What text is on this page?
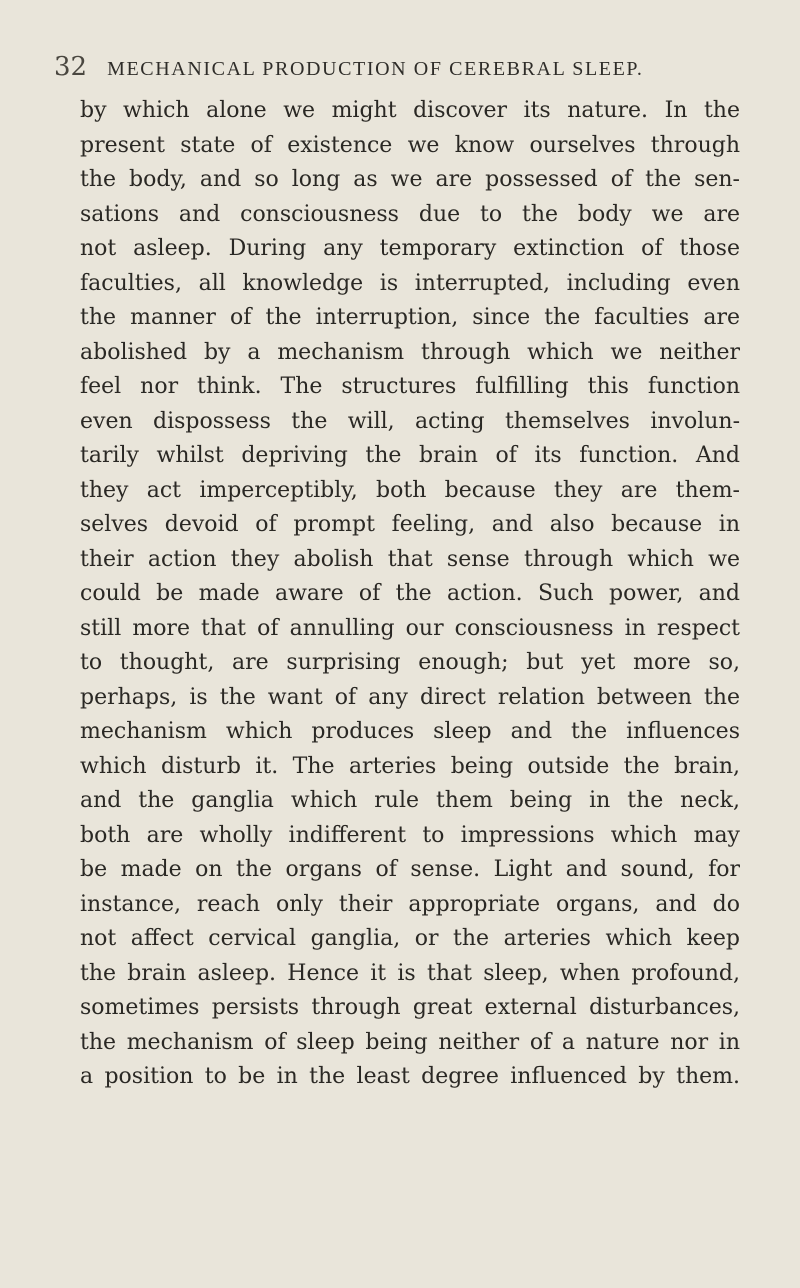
32 MECHANICAL PRODUCTION OF CEREBRAL SLEEP.
by which alone we might discover its nature. In the
present state of existence we know ourselves through
the body, and so long as we are possessed of the sen-
sations and consciousness due to the body we are
not asleep. During any temporary extinction of those
faculties, all knowledge is interrupted, including even
the manner of the interruption, since the faculties are
abolished by a mechanism through which we neither
feel nor think. The structures fulfilling this function
even dispossess the will, acting themselves involun-
tarily whilst depriving the brain of its function. And
they act imperceptibly, both because they are them-
selves devoid of prompt feeling, and also because in
their action they abolish that sense through which we
could be made aware of the action. Such power, and
still more that of annulling our consciousness in respect
to thought, are surprising enough; but yet more so,
perhaps, is the want of any direct relation between the
mechanism which produces sleep and the influences
which disturb it. The arteries being outside the brain,
and the ganglia which rule them being in the neck,
both are wholly indifferent to impressions which may
be made on the organs of sense. Light and sound, for
instance, reach only their appropriate organs, and do
not affect cervical ganglia, or the arteries which keep
the brain asleep. Hence it is that sleep, when profound,
sometimes persists through great external disturbances,
the mechanism of sleep being neither of a nature nor in
a position to be in the least degree influenced by them.
